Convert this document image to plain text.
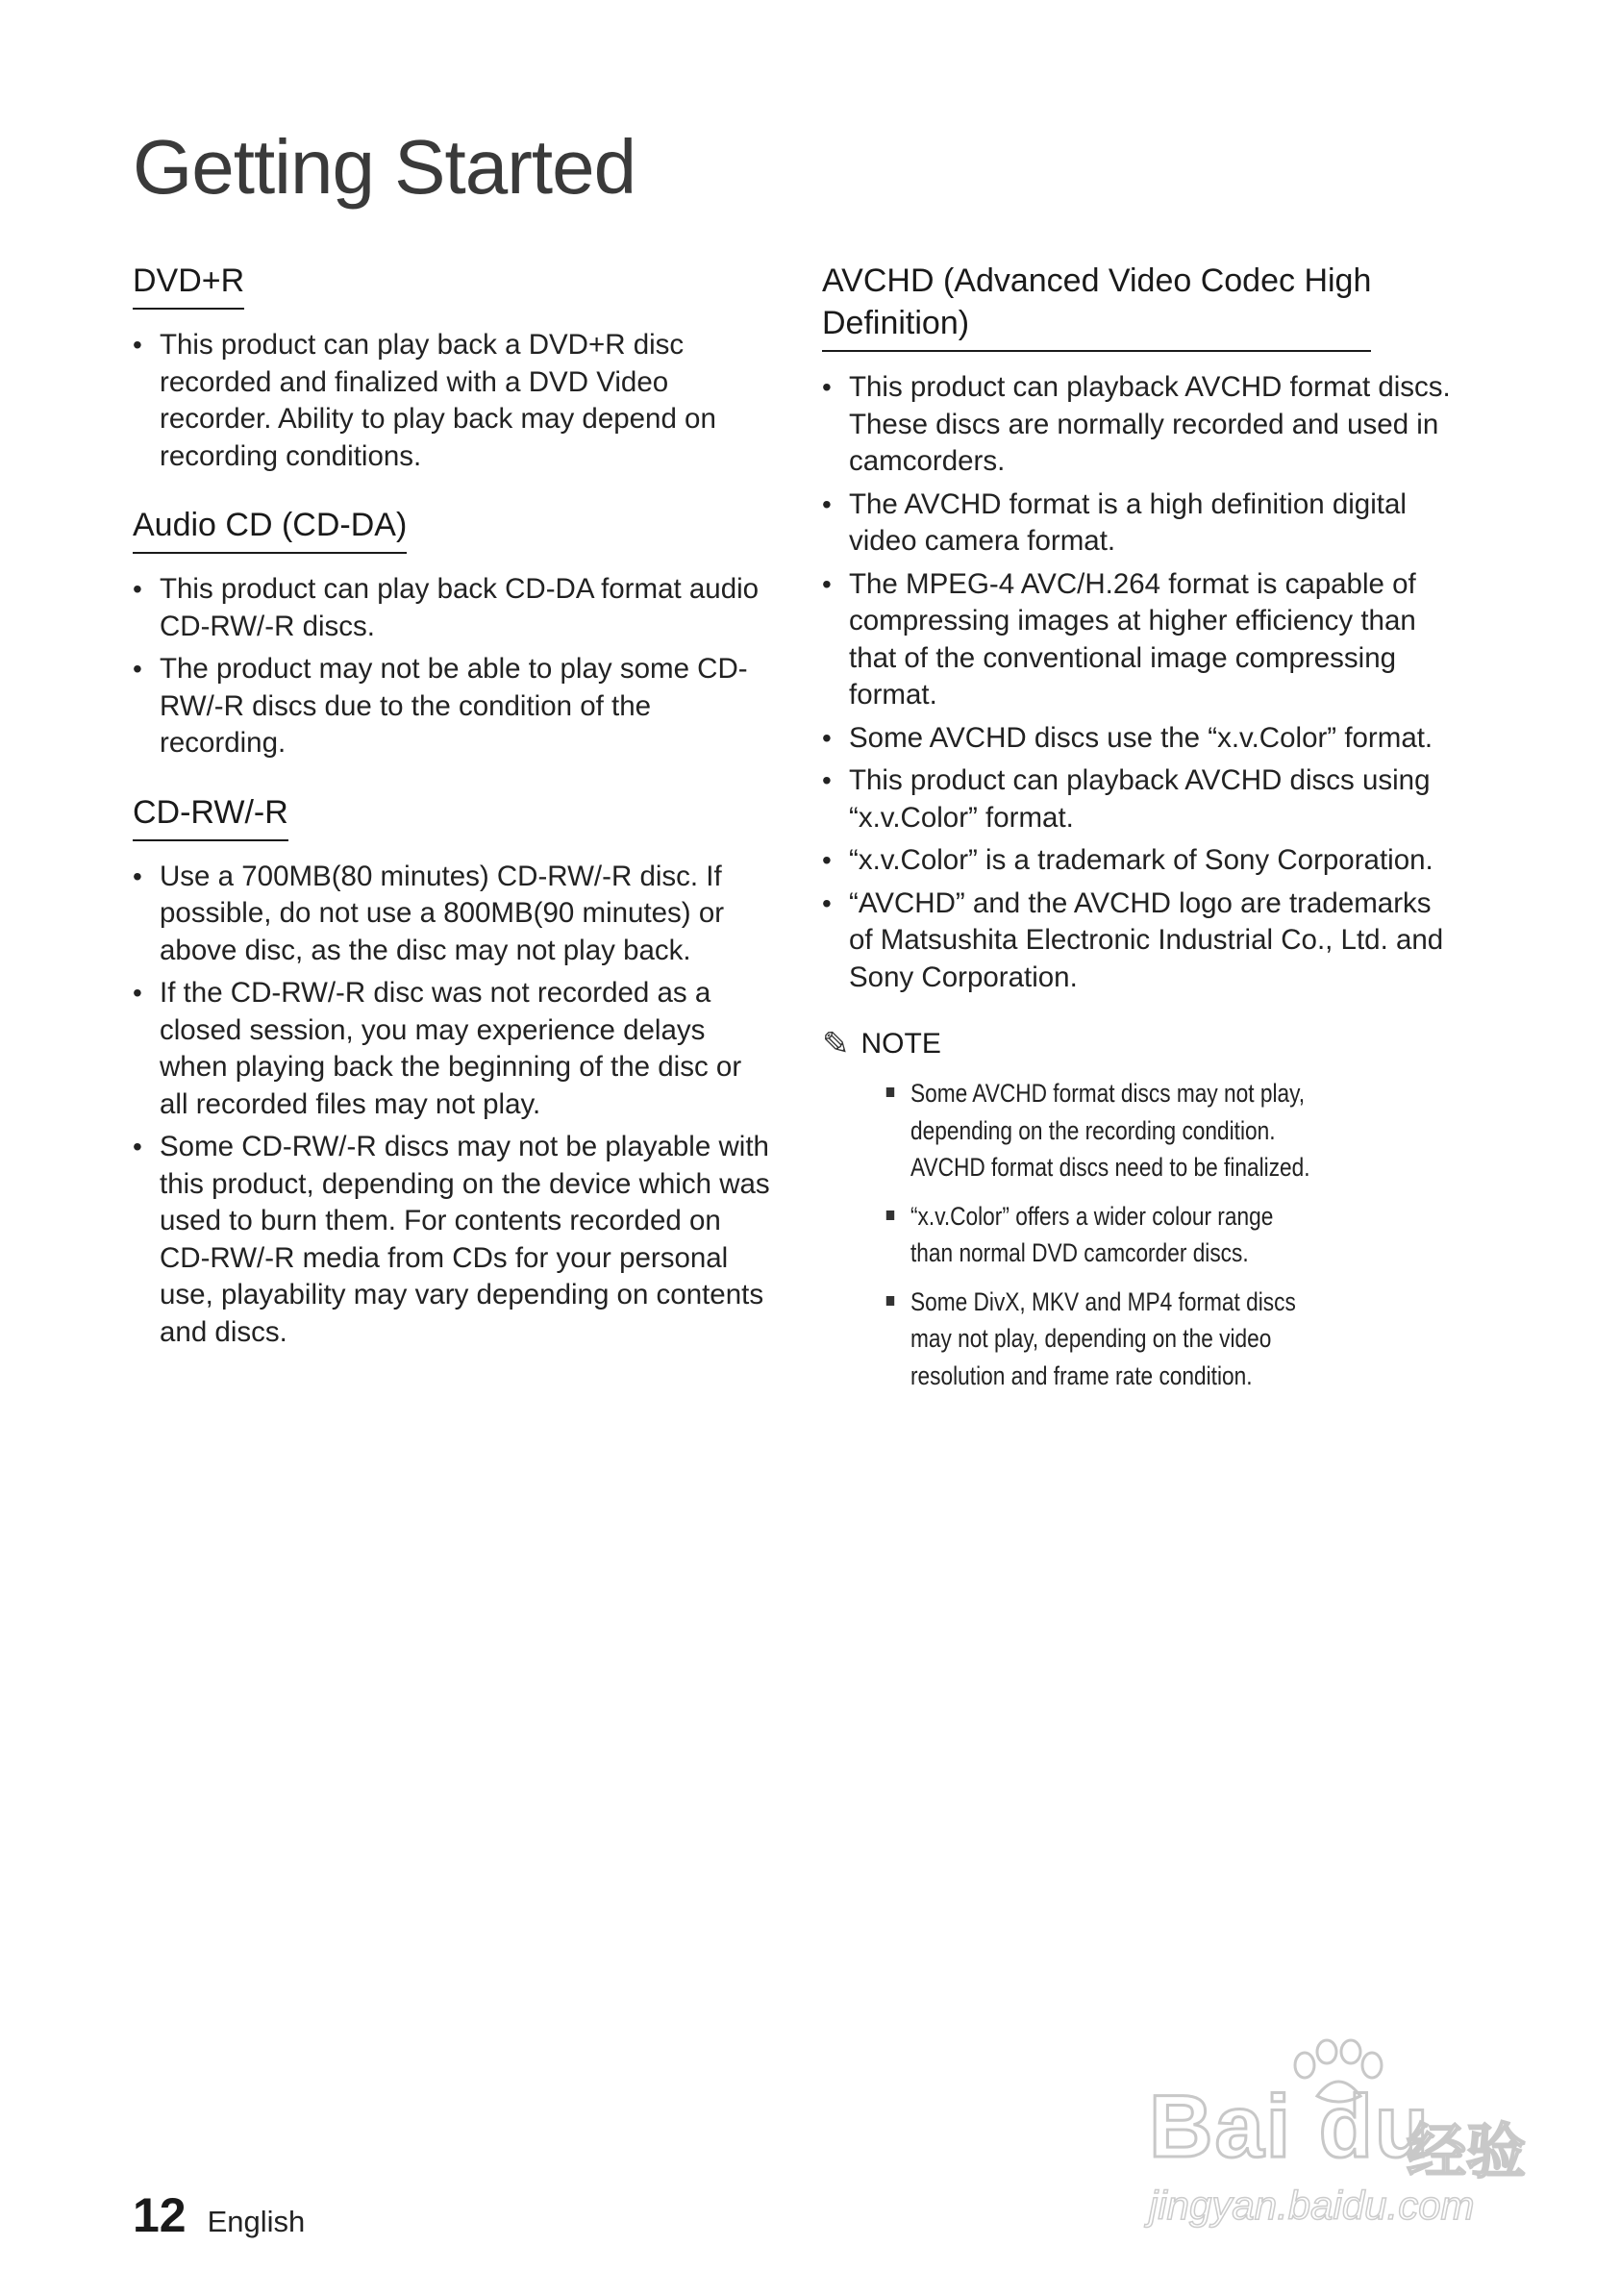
Getting Started
DVD+R
• This product can play back a DVD+R disc recorded and finalized with a DVD Video recorder. Ability to play back may depend on recording conditions.
Audio CD (CD-DA)
• This product can play back CD-DA format audio CD-RW/-R discs.
• The product may not be able to play some CD-RW/-R discs due to the condition of the recording.
CD-RW/-R
• Use a 700MB(80 minutes) CD-RW/-R disc. If possible, do not use a 800MB(90 minutes) or above disc, as the disc may not play back.
• If the CD-RW/-R disc was not recorded as a closed session, you may experience delays when playing back the beginning of the disc or all recorded files may not play.
• Some CD-RW/-R discs may not be playable with this product, depending on the device which was used to burn them. For contents recorded on CD-RW/-R media from CDs for your personal use, playability may vary depending on contents and discs.
AVCHD (Advanced Video Codec High
Definition)
• This product can playback AVCHD format discs. These discs are normally recorded and used in camcorders.
• The AVCHD format is a high definition digital video camera format.
• The MPEG-4 AVC/H.264 format is capable of compressing images at higher efficiency than that of the conventional image compressing format.
• Some AVCHD discs use the “x.v.Color” format.
• This product can playback AVCHD discs using “x.v.Color” format.
• “x.v.Color” is a trademark of Sony Corporation.
• “AVCHD” and the AVCHD logo are trademarks of Matsushita Electronic Industrial Co., Ltd. and Sony Corporation.
✎ NOTE
Some AVCHD format discs may not play, depending on the recording condition.
AVCHD format discs need to be finalized.
“x.v.Color” offers a wider colour range than normal DVD camcorder discs.
Some DivX, MKV and MP4 format discs may not play, depending on the video resolution and frame rate condition.
12 English
Bai du
经验
jingyan.baidu.com
